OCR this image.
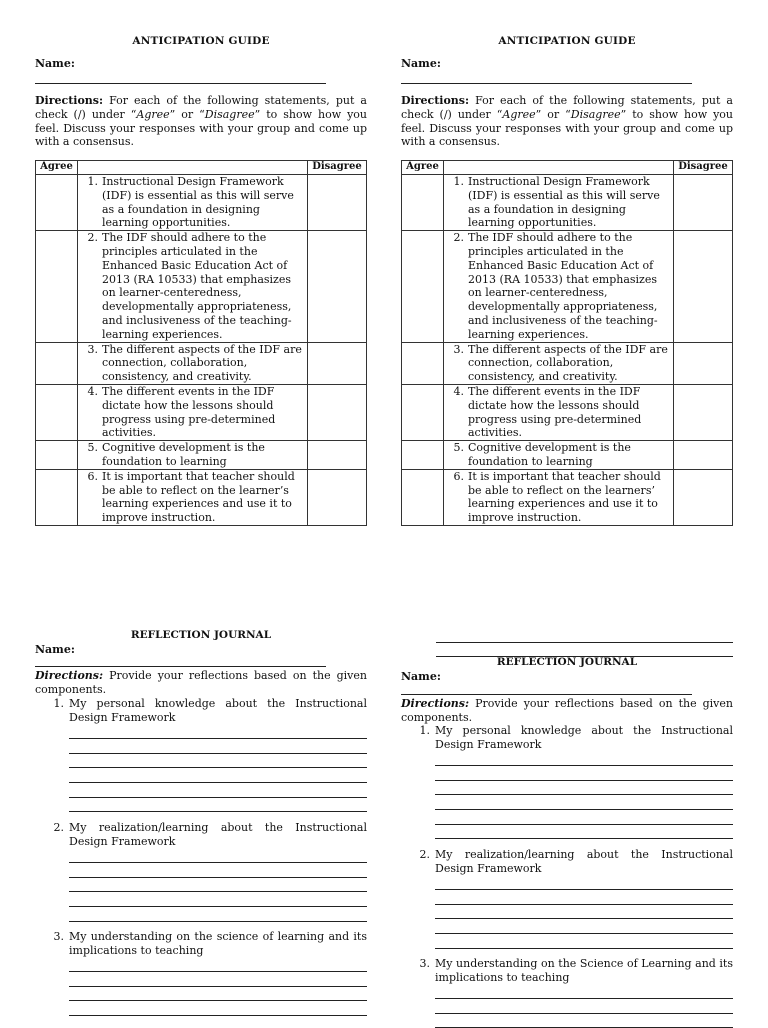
ANTICIPATION GUIDE
Name:
Directions: For each of the following statements, put a check (/) under “Agree” or “Disagree” to show how you feel. Discuss your responses with your group and come up with a consensus.
Agree		Disagree

	1. Instructional Design Framework (IDF) is essential as this will serve as a foundation in designing learning opportunities.	

	2. The IDF should adhere to the principles articulated in the Enhanced Basic Education Act of 2013 (RA 10533) that emphasizes on learner-centeredness, developmentally appropriateness, and inclusiveness of the teaching-learning experiences.	

	3. The different aspects of the IDF are connection, collaboration, consistency, and creativity.	

	4. The different events in the IDF dictate how the lessons should progress using pre-determined activities.	

	5. Cognitive development is the foundation to learning	

	6. It is important that teacher should be able to reflect on the learner’s learning experiences and use it to improve instruction.	

REFLECTION JOURNAL
Name:
Directions: Provide your reflections based on the given components.
1. My personal knowledge about the Instructional Design Framework
2. My realization/learning about the Instructional Design Framework
3. My understanding on the science of learning and its implications to teaching
ANTICIPATION GUIDE
Name:
Directions: For each of the following statements, put a check (/) under “Agree” or “Disagree” to show how you feel. Discuss your responses with your group and come up with a consensus.
Agree		Disagree

	1. Instructional Design Framework (IDF) is essential as this will serve as a foundation in designing learning opportunities.	

	2. The IDF should adhere to the principles articulated in the Enhanced Basic Education Act of 2013 (RA 10533) that emphasizes on learner-centeredness, developmentally appropriateness, and inclusiveness of the teaching-learning experiences.	

	3. The different aspects of the IDF are connection, collaboration, consistency, and creativity.	

	4. The different events in the IDF dictate how the lessons should progress using pre-determined activities.	

	5. Cognitive development is the foundation to learning	

	6. It is important that teacher should be able to reflect on the learners’ learning experiences and use it to improve instruction.	

REFLECTION JOURNAL
Name:
Directions: Provide your reflections based on the given components.
1. My personal knowledge about the Instructional Design Framework
2. My realization/learning about the Instructional Design Framework
3. My understanding on the Science of Learning and its implications to teaching
